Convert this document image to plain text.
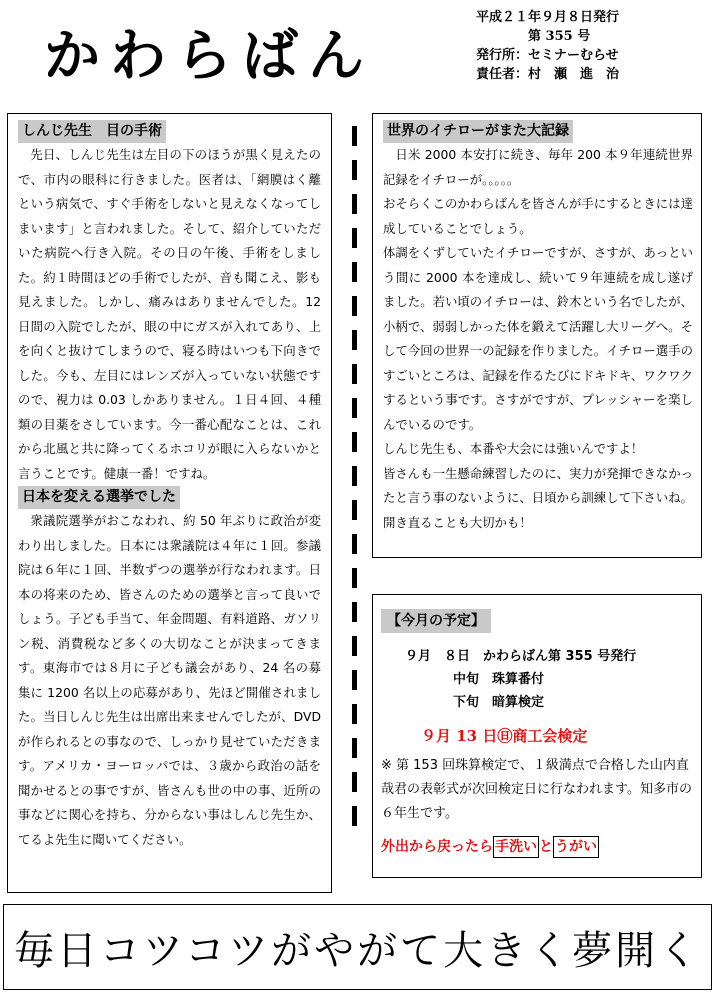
かわらばん
平成２１年９月８日発行
第 355 号
発行所：セミナーむらせ
責任者：村　瀬　進　治
しんじ先生　目の手術

先日、しんじ先生は左目の下のほうが黒く見えたので、市内の眼科に行きました。医者は、「網膜はく離という病気で、すぐ手術をしないと見えなくなってしまいます」と言われました。そして、紹介していただいた病院へ行き入院。その日の午後、手術をしました。約１時間ほどの手術でしたが、音も聞こえ、影も見えました。しかし、痛みはありませんでした。12 日間の入院でしたが、眼の中にガスが入れてあり、上を向くと抜けてしまうので、寝る時はいつも下向きでした。今も、左目にはレンズが入っていない状態ですので、視力は 0.03 しかありません。１日４回、４種類の目薬をさしています。今一番心配なことは、これから北風と共に降ってくるホコリが眼に入らないかと言うことです。健康一番！ですね。

日本を変える選挙でした

衆議院選挙がおこなわれ、約 50 年ぶりに政治が変わり出しました。日本には衆議院は４年に１回。参議院は６年に１回、半数ずつの選挙が行なわれます。日本の将来のため、皆さんのための選挙と言って良いでしょう。子ども手当て、年金問題、有料道路、ガソリン税、消費税など多くの大切なことが決まってきます。東海市では８月に子ども議会があり、24 名の募集に 1200 名以上の応募があり、先ほど開催されました。当日しんじ先生は出席出来ませんでしたが、DVD が作られるとの事なので、しっかり見せていただきます。アメリカ・ヨーロッパでは、３歳から政治の話を聞かせるとの事ですが、皆さんも世の中の事、近所の事などに関心を持ち、分からない事はしんじ先生か、てるよ先生に聞いてください。

世界のイチローがまた大記録

日米 2000 本安打に続き、毎年 200 本９年連続世界記録をイチローが。。。。。

おそらくこのかわらばんを皆さんが手にするときには達成していることでしょう。

体調をくずしていたイチローですが、さすが、あっという間に 2000 本を達成し、続いて９年連続を成し遂げました。若い頃のイチローは、鈴木という名でしたが、小柄で、弱弱しかった体を鍛えて活躍し大リーグへ。そして今回の世界一の記録を作りました。イチロー選手のすごいところは、記録を作るたびにドキドキ、ワクワクするという事です。さすがですが、プレッシャーを楽しんでいるのです。

しんじ先生も、本番や大会には強いんですよ！

皆さんも一生懸命練習したのに、実力が発揮できなかったと言う事のないように、日頃から訓練して下さいね。開き直ることも大切かも！

【今月の予定】
９月　８日　かわらばん第 355 号発行
中旬　珠算番付
下旬　暗算検定
９月 13 日㊐商工会検定
※ 第 153 回珠算検定で、１級満点で合格した山内直哉君の表彰式が次回検定日に行なわれます。知多市の６年生です。
外出から戻ったら 手洗い と うがい
毎日コツコツがやがて大きく夢開く
